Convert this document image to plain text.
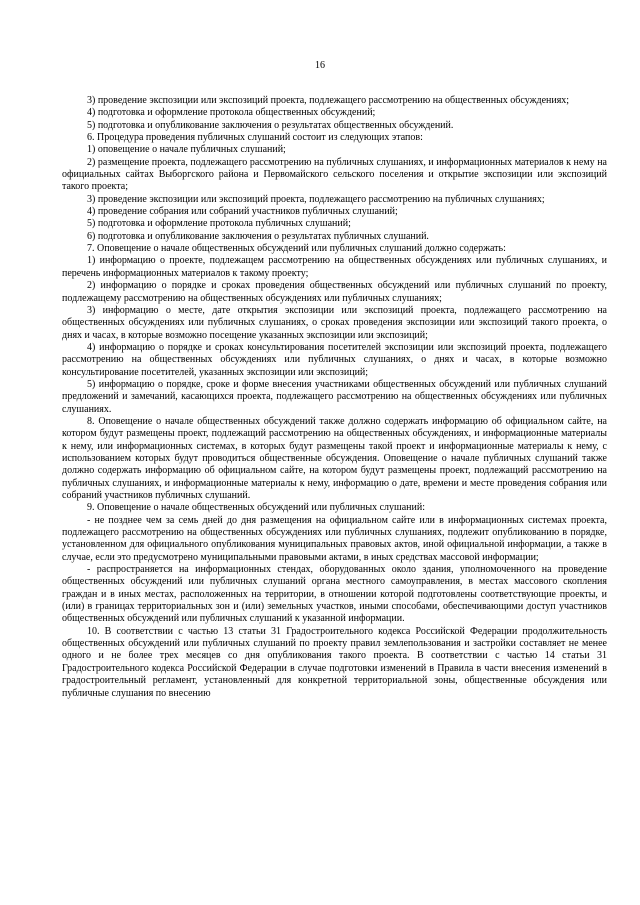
16

3) проведение экспозиции или экспозиций проекта, подлежащего рассмотрению на общественных обсуждениях;

4) подготовка и оформление протокола общественных обсуждений;

5) подготовка и опубликование заключения о результатах общественных обсуждений.

6. Процедура проведения публичных слушаний состоит из следующих этапов:

1) оповещение о начале публичных слушаний;

2) размещение проекта, подлежащего рассмотрению на публичных слушаниях, и информационных материалов к нему на официальных сайтах Выборгского района и Первомайского сельского поселения и открытие экспозиции или экспозиций такого проекта;

3) проведение экспозиции или экспозиций проекта, подлежащего рассмотрению на публичных слушаниях;

4) проведение собрания или собраний участников публичных слушаний;

5) подготовка и оформление протокола публичных слушаний;

6) подготовка и опубликование заключения о результатах публичных слушаний.

7. Оповещение о начале общественных обсуждений или публичных слушаний должно содержать:

1) информацию о проекте, подлежащем рассмотрению на общественных обсуждениях или публичных слушаниях, и перечень информационных материалов к такому проекту;

2) информацию о порядке и сроках проведения общественных обсуждений или публичных слушаний по проекту, подлежащему рассмотрению на общественных обсуждениях или публичных слушаниях;

3) информацию о месте, дате открытия экспозиции или экспозиций проекта, подлежащего рассмотрению на общественных обсуждениях или публичных слушаниях, о сроках проведения экспозиции или экспозиций такого проекта, о днях и часах, в которые возможно посещение указанных экспозиции или экспозиций;

4) информацию о порядке и сроках консультирования посетителей экспозиции или экспозиций проекта, подлежащего рассмотрению на общественных обсуждениях или публичных слушаниях, о днях и часах, в которые возможно консультирование посетителей, указанных экспозиции или экспозиций;

5) информацию о порядке, сроке и форме внесения участниками общественных обсуждений или публичных слушаний предложений и замечаний, касающихся проекта, подлежащего рассмотрению на общественных обсуждениях или публичных слушаниях.

8. Оповещение о начале общественных обсуждений также должно содержать информацию об официальном сайте, на котором будут размещены проект, подлежащий рассмотрению на общественных обсуждениях, и информационные материалы к нему, или информационных системах, в которых будут размещены такой проект и информационные материалы к нему, с использованием которых будут проводиться общественные обсуждения. Оповещение о начале публичных слушаний также должно содержать информацию об официальном сайте, на котором будут размещены проект, подлежащий рассмотрению на публичных слушаниях, и информационные материалы к нему, информацию о дате, времени и месте проведения собрания или собраний участников публичных слушаний.

9. Оповещение о начале общественных обсуждений или публичных слушаний:

- не позднее чем за семь дней до дня размещения на официальном сайте или в информационных системах проекта, подлежащего рассмотрению на общественных обсуждениях или публичных слушаниях, подлежит опубликованию в порядке, установленном для официального опубликования муниципальных правовых актов, иной официальной информации, а также в случае, если это предусмотрено муниципальными правовыми актами, в иных средствах массовой информации;

- распространяется на информационных стендах, оборудованных около здания, уполномоченного на проведение общественных обсуждений или публичных слушаний органа местного самоуправления, в местах массового скопления граждан и в иных местах, расположенных на территории, в отношении которой подготовлены соответствующие проекты, и (или) в границах территориальных зон и (или) земельных участков, иными способами, обеспечивающими доступ участников общественных обсуждений или публичных слушаний к указанной информации.

10. В соответствии с частью 13 статьи 31 Градостроительного кодекса Российской Федерации продолжительность общественных обсуждений или публичных слушаний по проекту правил землепользования и застройки составляет не менее одного и не более трех месяцев со дня опубликования такого проекта. В соответствии с частью 14 статьи 31 Градостроительного кодекса Российской Федерации в случае подготовки изменений в Правила в части внесения изменений в градостроительный регламент, установленный для конкретной территориальной зоны, общественные обсуждения или публичные слушания по внесению
